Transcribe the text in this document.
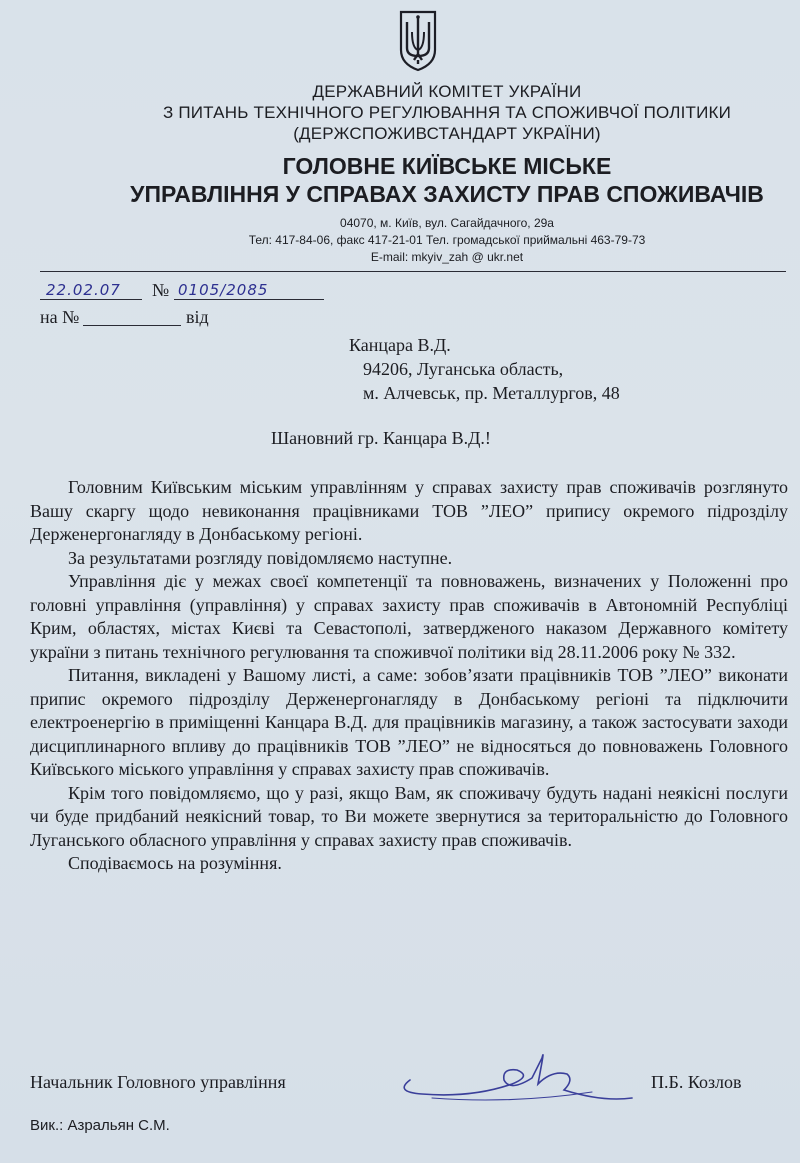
ДЕРЖАВНИЙ КОМІТЕТ УКРАЇНИ
З ПИТАНЬ ТЕХНІЧНОГО РЕГУЛЮВАННЯ ТА СПОЖИВЧОЇ ПОЛІТИКИ
(ДЕРЖСПОЖИВСТАНДАРТ УКРАЇНИ)
ГОЛОВНЕ КИЇВСЬКЕ МІСЬКЕ
УПРАВЛІННЯ У СПРАВАХ ЗАХИСТУ ПРАВ СПОЖИВАЧІВ
04070, м. Київ, вул. Сагайдачного, 29а
Тел: 417-84-06, факс 417-21-01 Тел. громадської приймальні 463-79-73
E-mail: mkyiv_zah @ ukr.net
22.02.07 № 0105/2085
на №	від
Канцара В.Д.
94206, Луганська область,
м. Алчевськ, пр. Металлургов, 48
Шановний гр. Канцара В.Д.!

Головним Київським міським управлінням у справах захисту прав споживачів розглянуто Вашу скаргу щодо невиконання працівниками ТОВ ”ЛЕО” припису окремого підрозділу Держенергонагляду в Донбаському регіоні.

За результатами розгляду повідомляємо наступне.

Управління діє у межах своєї компетенції та повноважень, визначених у Положенні про головні управління (управління) у справах захисту прав споживачів в Автономній Республіці Крим, областях, містах Києві та Севастополі, затвердженого наказом Державного комітету україни з питань технічного регулювання та споживчої політики від 28.11.2006 року № 332.

Питання, викладені у Вашому листі, а саме: зобов’язати працівників ТОВ ”ЛЕО” виконати припис окремого підрозділу Держенергонагляду в Донбаському регіоні та підключити електроенергію в приміщенні Канцара В.Д. для працівників магазину, а також застосувати заходи дисциплинарного впливу до працівників ТОВ ”ЛЕО” не відносяться до повноважень Головного Київського міського управління у справах захисту прав споживачів.

Крім того повідомляємо, що у разі, якщо Вам, як споживачу будуть надані неякісні послуги чи буде придбаний неякісний товар, то Ви можете звернутися за територальністю до Головного Луганського обласного управління у справах захисту прав споживачів.

Сподіваємось на розуміння.

Начальник Головного управління	П.Б. Козлов
Вик.: Азральян С.М.
